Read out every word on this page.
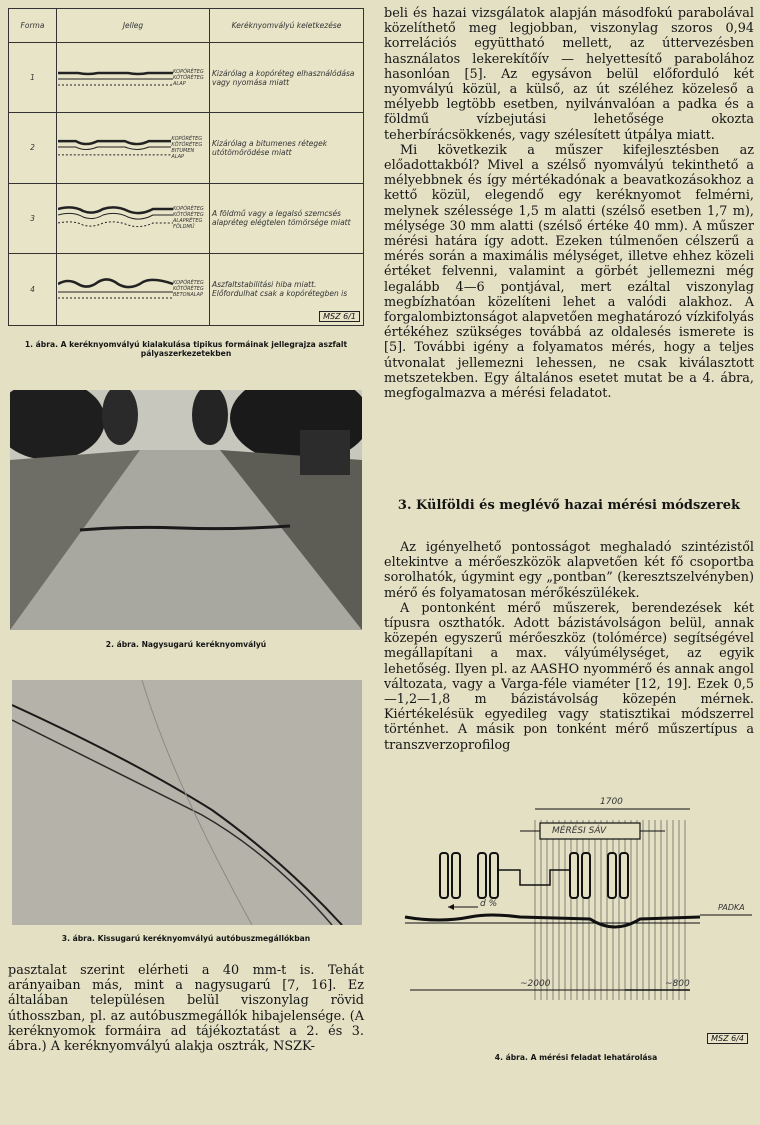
Forma	Jelleg	Keréknyomvályú keletkezése
1	KOPÓRÉTEG
KÖTŐRÉTEG
ALAP	Kizárólag a kopóréteg elhasználódása vagy nyomása miatt
2	KOPÓRÉTEG
KÖTŐRÉTEG
BITUMEN ALAP	Kizárólag a bitumenes rétegek utótömörödése miatt
3	KOPÓRÉTEG
KÖTŐRÉTEG
ALAPRÉTEG
FÖLDMŰ	A földmű vagy a legalsó szemcsés alapréteg elégtelen tömörsége miatt
4	KOPÓRÉTEG
KÖTŐRÉTEG
BETONALAP	Aszfaltstabilitási hiba miatt. Előfordulhat csak a kopórétegben is
MSZ 6/1
1. ábra. A keréknyomvályú kialakulása tipikus formáinak jellegrajza aszfalt pályaszerkezetekben
2. ábra. Nagysugarú keréknyomvályú
3. ábra. Kissugarú keréknyomvályú autóbuszmegállókban

pasztalat szerint elérheti a 40 mm-t is. Tehát arányaiban más, mint a nagysugarú [7, 16]. Ez általában településen belül viszonylag rövid úthosszban, pl. az autóbuszmegállók hibajelensége. (A keréknyomok formáira ad tájékoztatást a 2. és 3. ábra.) A keréknyomvályú alakja osztrák, NSZK-

beli és hazai vizsgálatok alapján másodfokú parabolával közelíthető meg legjobban, viszonylag szoros 0,94 korrelációs együttható mellett, az úttervezésben használatos lekerekítőív — helyettesítő parabolához hasonlóan [5]. Az egysávon belül előforduló két nyomvályú közül, a külső, az út széléhez közeleső a mélyebb legtöbb esetben, nyilvánvalóan a padka és a földmű vízbejutási lehetősége okozta teherbírácsökkenés, vagy szélesített útpálya miatt.

Mi következik a műszer kifejlesztésben az előadottakból? Mivel a szélső nyomvályú tekinthető a mélyebbnek és így mértékadónak a beavatkozásokhoz a kettő közül, elegendő egy keréknyomot felmérni, melynek szélessége 1,5 m alatti (szélső esetben 1,7 m), mélysége 30 mm alatti (szélső értéke 40 mm). A műszer mérési határa így adott. Ezeken túlmenően célszerű a mérés során a maximális mélységet, illetve ehhez közeli értéket felvenni, valamint a görbét jellemezni még legalább 4—6 pontjával, mert ezáltal viszonylag megbízhatóan közelíteni lehet a valódi alakhoz. A forgalombiztonságot alapvetően meghatározó vízkifolyás értékéhez szükséges továbbá az oldalesés ismerete is [5]. További igény a folyamatos mérés, hogy a teljes útvonalat jellemezni lehessen, ne csak kiválasztott metszetekben. Egy általános esetet mutat be a 4. ábra, megfogalmazva a mérési feladatot.

3. Külföldi és meglévő hazai mérési módszerek

Az igényelhető pontosságot meghaladó szintézistől eltekintve a mérőeszközök alapvetően két fő csoportba sorolhatók, úgymint egy „pontban” (keresztszelvényben) mérő és folyamatosan mérőkészülékek.

A pontonként mérő műszerek, berendezések két típusra oszthatók. Adott bázistávolságon belül, annak közepén egyszerű mérőeszköz (tolómérce) segítségével megállapítani a max. vályúmélységet, az egyik lehetőség. Ilyen pl. az AASHO nyommérő és annak angol változata, vagy a Varga-féle viaméter [12, 19]. Ezek 0,5—1,2—1,8 m bázistávolság közepén mérnek. Kiértékelésük egyedileg vagy statisztikai módszerrel történhet. A másik pon tonként mérő műszertípus a transzverzoprofilog

1700
MÉRÉSI SÁV
d %	PADKA
~2000	~800
MSZ 6/4
4. ábra. A mérési feladat lehatárolása
